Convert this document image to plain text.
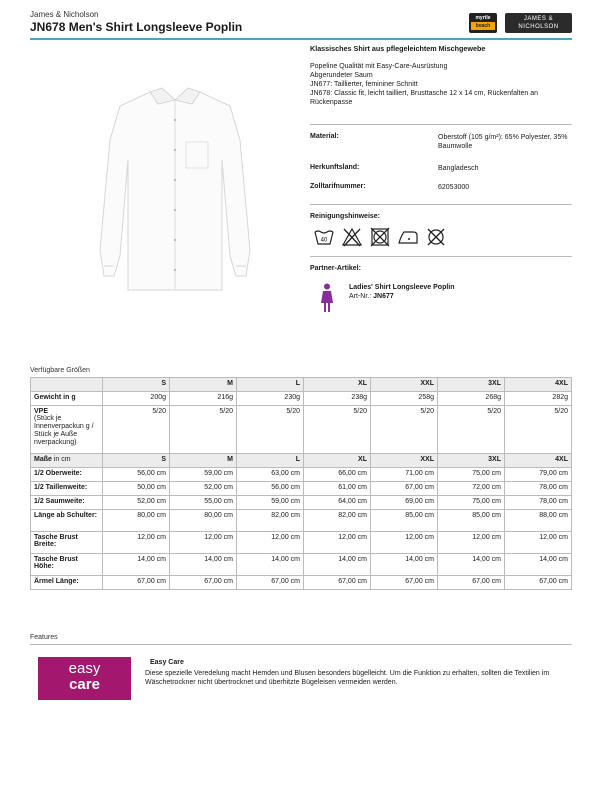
James & Nicholson
JN678 Men's Shirt Longsleeve Poplin
myrtle
beach
JAMES &
NICHOLSON
Klassisches Shirt aus pflegeleichtem Mischgewebe
Popeline Qualität mit Easy-Care-Ausrüstung
Abgerundeter Saum
JN677: Taillierter, femininer Schnitt
JN678: Classic fit, leicht tailliert, Brusttasche 12 x 14 cm, Rückenfalten an Rückenpasse
Material:	Oberstoff (105 g/m²): 65% Polyester, 35% Baumwolle
Herkunftsland:	Bangladesch
Zolltarifnummer:	62053000
Reinigungshinweise:
40
Partner-Artikel:
Ladies' Shirt Longsleeve Poplin
Art-Nr.: JN677
Verfügbare Größen
	S	M	L	XL	XXL	3XL	4XL
Gewicht in g	200g	216g	230g	238g	258g	268g	282g
VPE
(Stück je Innenverpackun g / Stück je Auße nverpackung)	5/20	5/20	5/20	5/20	5/20	5/20	5/20
Maße in cm	S	M	L	XL	XXL	3XL	4XL
1/2 Oberweite:	56,00 cm	59,00 cm	63,00 cm	66,00 cm	71,00 cm	75,00 cm	79,00 cm
1/2 Taillenweite:	50,00 cm	52,00 cm	56,00 cm	61,00 cm	67,00 cm	72,00 cm	78,00 cm
1/2 Saumweite:	52,00 cm	55,00 cm	59,00 cm	64,00 cm	69,00 cm	75,00 cm	78,00 cm
Länge ab Schulter:	80,00 cm	80,00 cm	82,00 cm	82,00 cm	85,00 cm	85,00 cm	88,00 cm
Tasche Brust Breite:	12,00 cm	12,00 cm	12,00 cm	12,00 cm	12,00 cm	12,00 cm	12,00 cm
Tasche Brust Höhe:	14,00 cm	14,00 cm	14,00 cm	14,00 cm	14,00 cm	14,00 cm	14,00 cm
Ärmel Länge:	67,00 cm	67,00 cm	67,00 cm	67,00 cm	67,00 cm	67,00 cm	67,00 cm
Features
easy
care
Easy Care
Diese spezielle Veredelung macht Hemden und Blusen besonders bügelleicht. Um die Funktion zu erhalten, sollten die Textilien im Wäschetrockner nicht übertrocknet und überhitzte Bügeleisen vermeiden werden.
